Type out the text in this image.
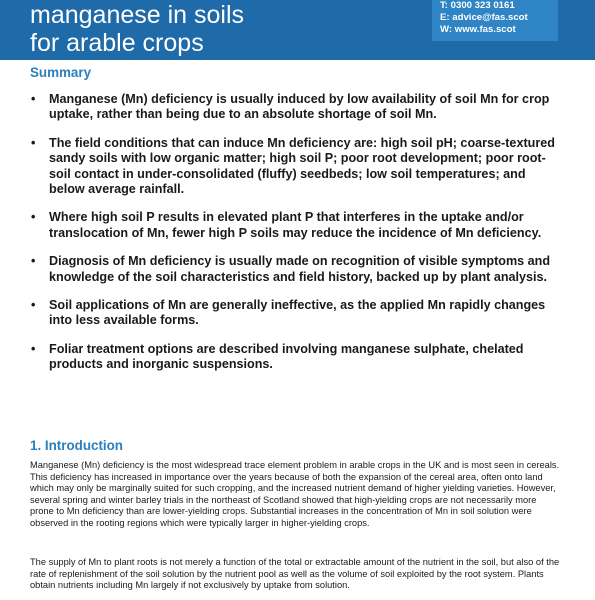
manganese in soils
for arable crops
T: 0300 323 0161
E: advice@fas.scot
W: www.fas.scot
Summary
• Manganese (Mn) deficiency is usually induced by low availability of soil Mn for crop uptake, rather than being due to an absolute shortage of soil Mn.
• The field conditions that can induce Mn deficiency are: high soil pH; coarse-textured sandy soils with low organic matter; high soil P; poor root development; poor root-soil contact in under-consolidated (fluffy) seedbeds; low soil temperatures; and below average rainfall.
• Where high soil P results in elevated plant P that interferes in the uptake and/or translocation of Mn, fewer high P soils may reduce the incidence of Mn deficiency.
• Diagnosis of Mn deficiency is usually made on recognition of visible symptoms and knowledge of the soil characteristics and field history, backed up by plant analysis.
• Soil applications of Mn are generally ineffective, as the applied Mn rapidly changes into less available forms.
• Foliar treatment options are described involving manganese sulphate, chelated products and inorganic suspensions.
1. Introduction

Manganese (Mn) deficiency is the most widespread trace element problem in arable crops in the UK and is most seen in cereals. This deficiency has increased in importance over the years because of both the expansion of the cereal area, often onto land which may only be marginally suited for such cropping, and the increased nutrient demand of higher yielding varieties. However, several spring and winter barley trials in the northeast of Scotland showed that high-yielding crops are not necessarily more prone to Mn deficiency than are lower-yielding crops. Substantial increases in the concentration of Mn in soil solution were observed in the rooting regions which were typically larger in higher-yielding crops.

The supply of Mn to plant roots is not merely a function of the total or extractable amount of the nutrient in the soil, but also of the rate of replenishment of the soil solution by the nutrient pool as well as the volume of soil exploited by the root system. Plants obtain nutrients including Mn largely if not exclusively by uptake from solution.
